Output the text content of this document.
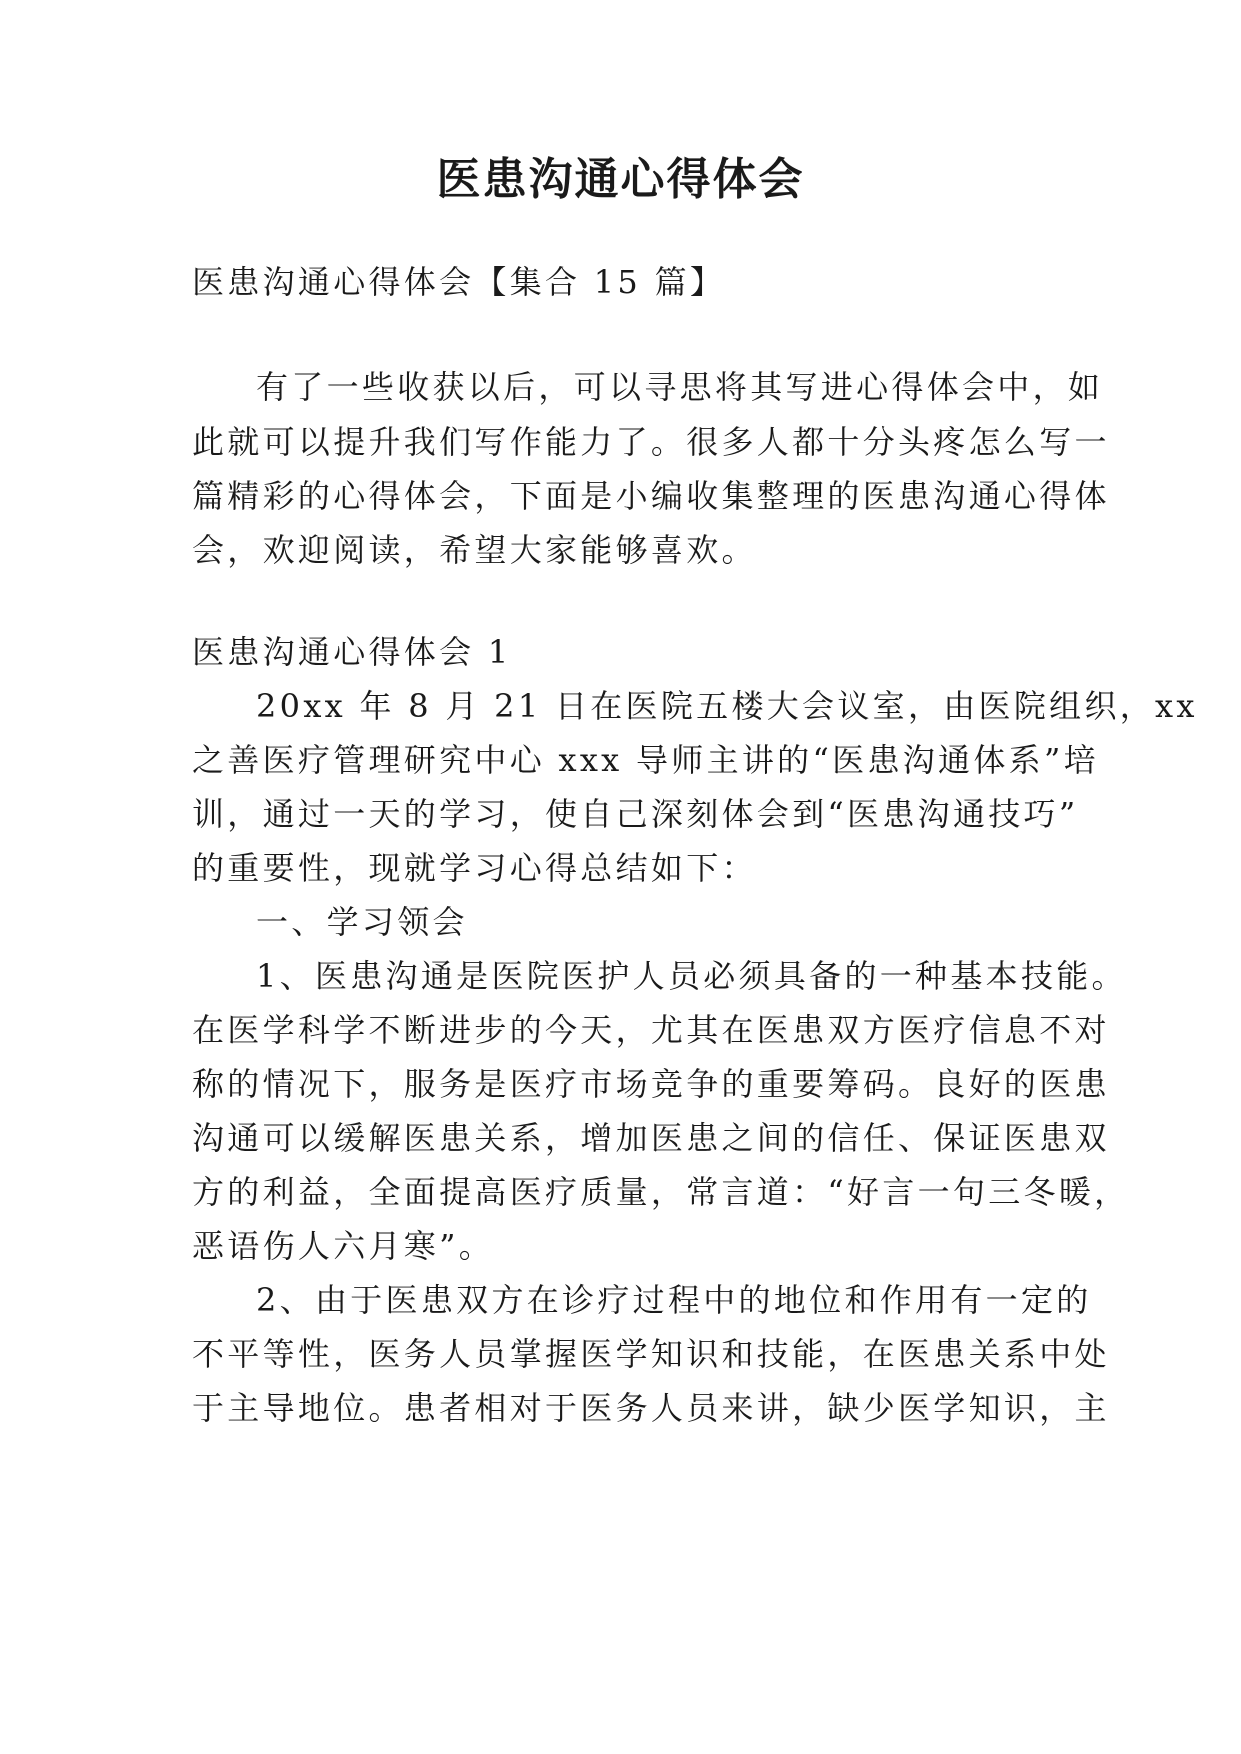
医患沟通心得体会
医患沟通心得体会【集合 15 篇】
有了一些收获以后，可以寻思将其写进心得体会中，如
此就可以提升我们写作能力了。很多人都十分头疼怎么写一
篇精彩的心得体会，下面是小编收集整理的医患沟通心得体
会，欢迎阅读，希望大家能够喜欢。
医患沟通心得体会 1
20xx 年 8 月 21 日在医院五楼大会议室，由医院组织，xx
之善医疗管理研究中心 xxx 导师主讲的“医患沟通体系”培
训，通过一天的学习，使自己深刻体会到“医患沟通技巧”
的重要性，现就学习心得总结如下：
一、学习领会
1、医患沟通是医院医护人员必须具备的一种基本技能。
在医学科学不断进步的今天，尤其在医患双方医疗信息不对
称的情况下，服务是医疗市场竞争的重要筹码。良好的医患
沟通可以缓解医患关系，增加医患之间的信任、保证医患双
方的利益，全面提高医疗质量，常言道：“好言一句三冬暖，
恶语伤人六月寒”。
2、由于医患双方在诊疗过程中的地位和作用有一定的
不平等性，医务人员掌握医学知识和技能，在医患关系中处
于主导地位。患者相对于医务人员来讲，缺少医学知识，主
